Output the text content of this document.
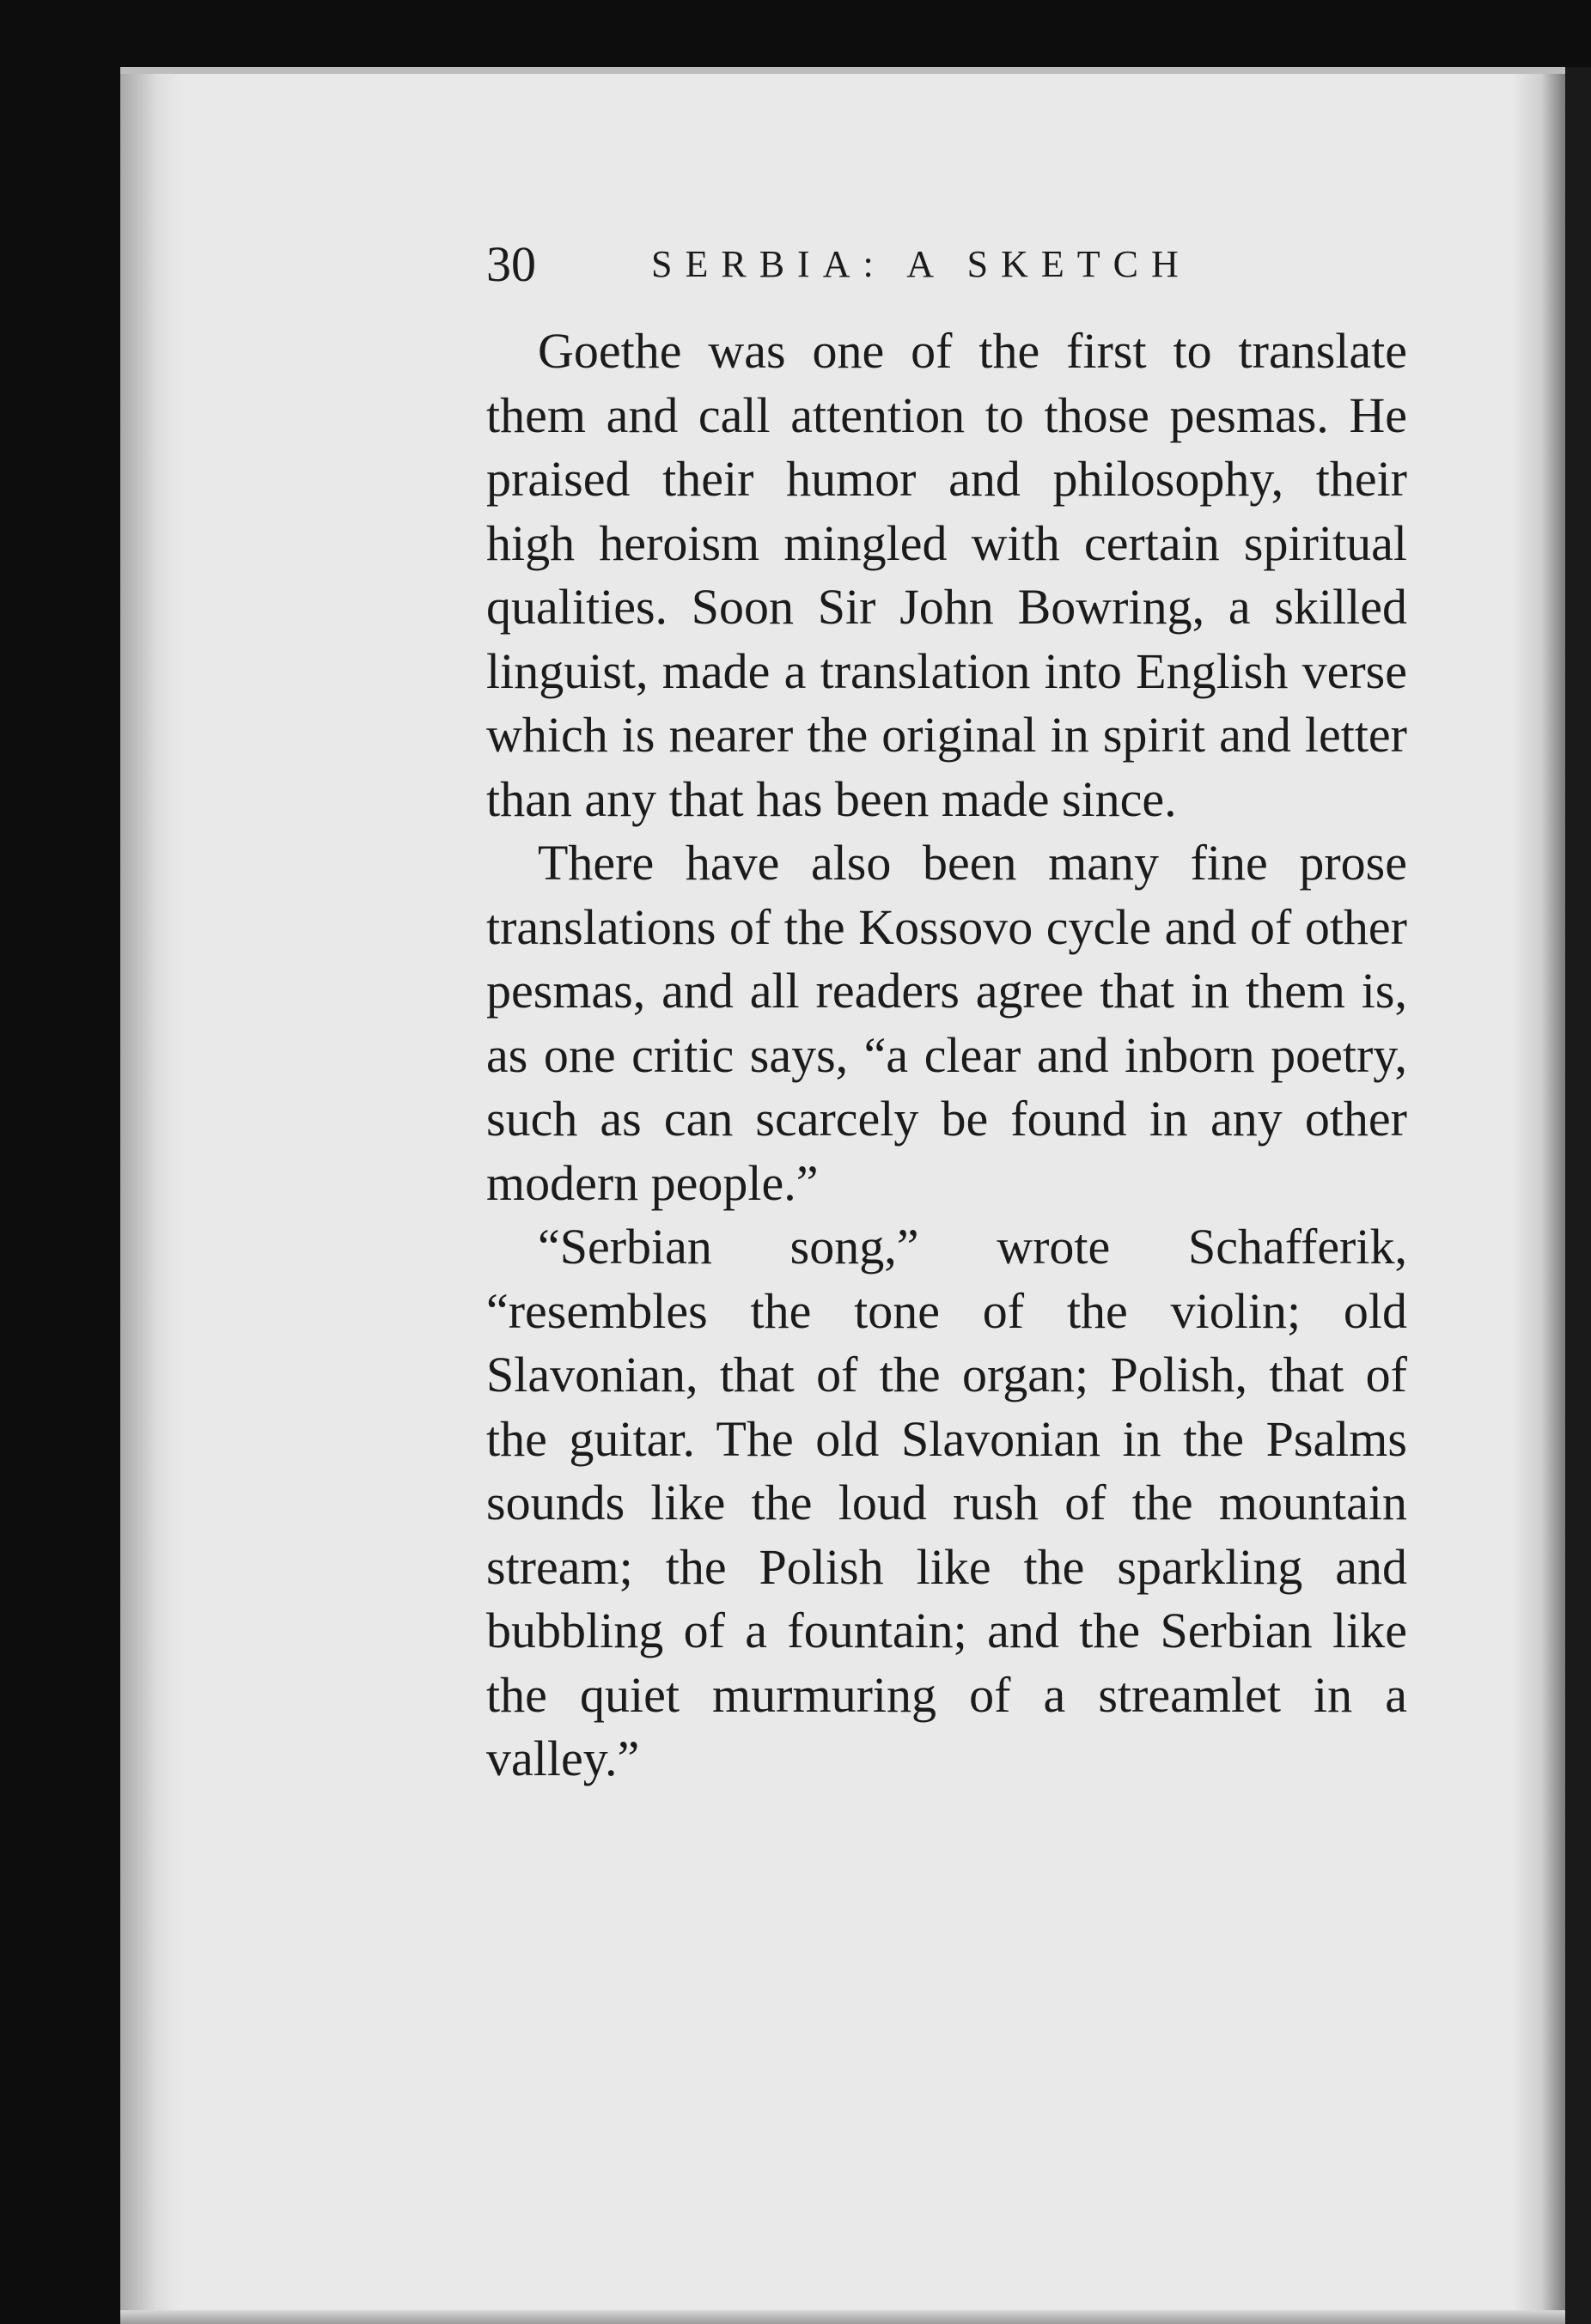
30	SERBIA: A SKETCH

Goethe was one of the first to translate them and call attention to those pesmas. He praised their humor and philosophy, their high heroism mingled with certain spiritual qualities. Soon Sir John Bowring, a skilled linguist, made a translation into English verse which is nearer the original in spirit and letter than any that has been made since.

There have also been many fine prose translations of the Kossovo cycle and of other pesmas, and all readers agree that in them is, as one critic says, “a clear and inborn poetry, such as can scarcely be found in any other modern people.”

“Serbian song,” wrote Schafferik, “resembles the tone of the violin; old Slavonian, that of the organ; Polish, that of the guitar. The old Slavonian in the Psalms sounds like the loud rush of the mountain stream; the Polish like the sparkling and bubbling of a fountain; and the Serbian like the quiet murmuring of a streamlet in a valley.”
